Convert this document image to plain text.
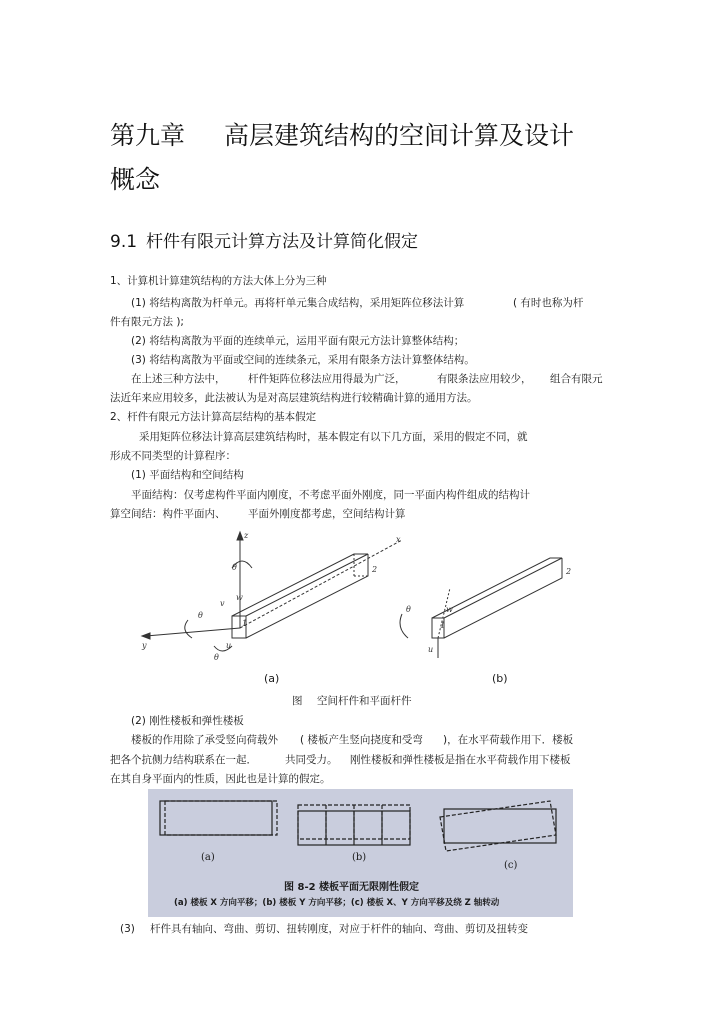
第九章 高层建筑结构的空间计算及设计
概念
9.1 杆件有限元计算方法及计算简化假定
1、计算机计算建筑结构的方法大体上分为三种
(1) 将结构离散为杆单元。再将杆单元集合成结构，采用矩阵位移法计算	( 有时也称为杆
件有限元方法 );
(2) 将结构离散为平面的连续单元，运用平面有限元方法计算整体结构；
(3) 将结构离散为平面或空间的连续条元，采用有限条方法计算整体结构。
在上述三种方法中， 杆件矩阵位移法应用得最为广泛，	有限条法应用较少， 组合有限元
法近年来应用较多，此法被认为是对高层建筑结构进行较精确计算的通用方法。
2、杆件有限元方法计算高层结构的基本假定
采用矩阵位移法计算高层建筑结构时，基本假定有以下几方面，采用的假定不同，就
形成不同类型的计算程序：
(1) 平面结构和空间结构
平面结构：仅考虑构件平面内刚度，不考虑平面外刚度，同一平面内构件组成的结构计
算空间结：构件平面内、 平面外刚度都考虑，空间结构计算
z	x
y
1
2
1
2
θ
θ
v
w
u
θ
θ	w
u
(a)	(b)
图 空间杆件和平面杆件
(2) 刚性楼板和弹性楼板
楼板的作用除了承受竖向荷载外 ( 楼板产生竖向挠度和受弯 )，在水平荷载作用下．楼板
把各个抗侧力结构联系在一起．	共同受力。 刚性楼板和弹性楼板是指在水平荷载作用下楼板
在其自身平面内的性质，因此也是计算的假定。
(a)	(b)
(c)
图 8-2 楼板平面无限刚性假定
(a) 楼板 X 方向平移；(b) 楼板 Y 方向平移；(c) 楼板 X、Y 方向平移及绕 Z 轴转动
(3) 杆件具有轴向、弯曲、剪切、扭转刚度，对应于杆件的轴向、弯曲、剪切及扭转变
